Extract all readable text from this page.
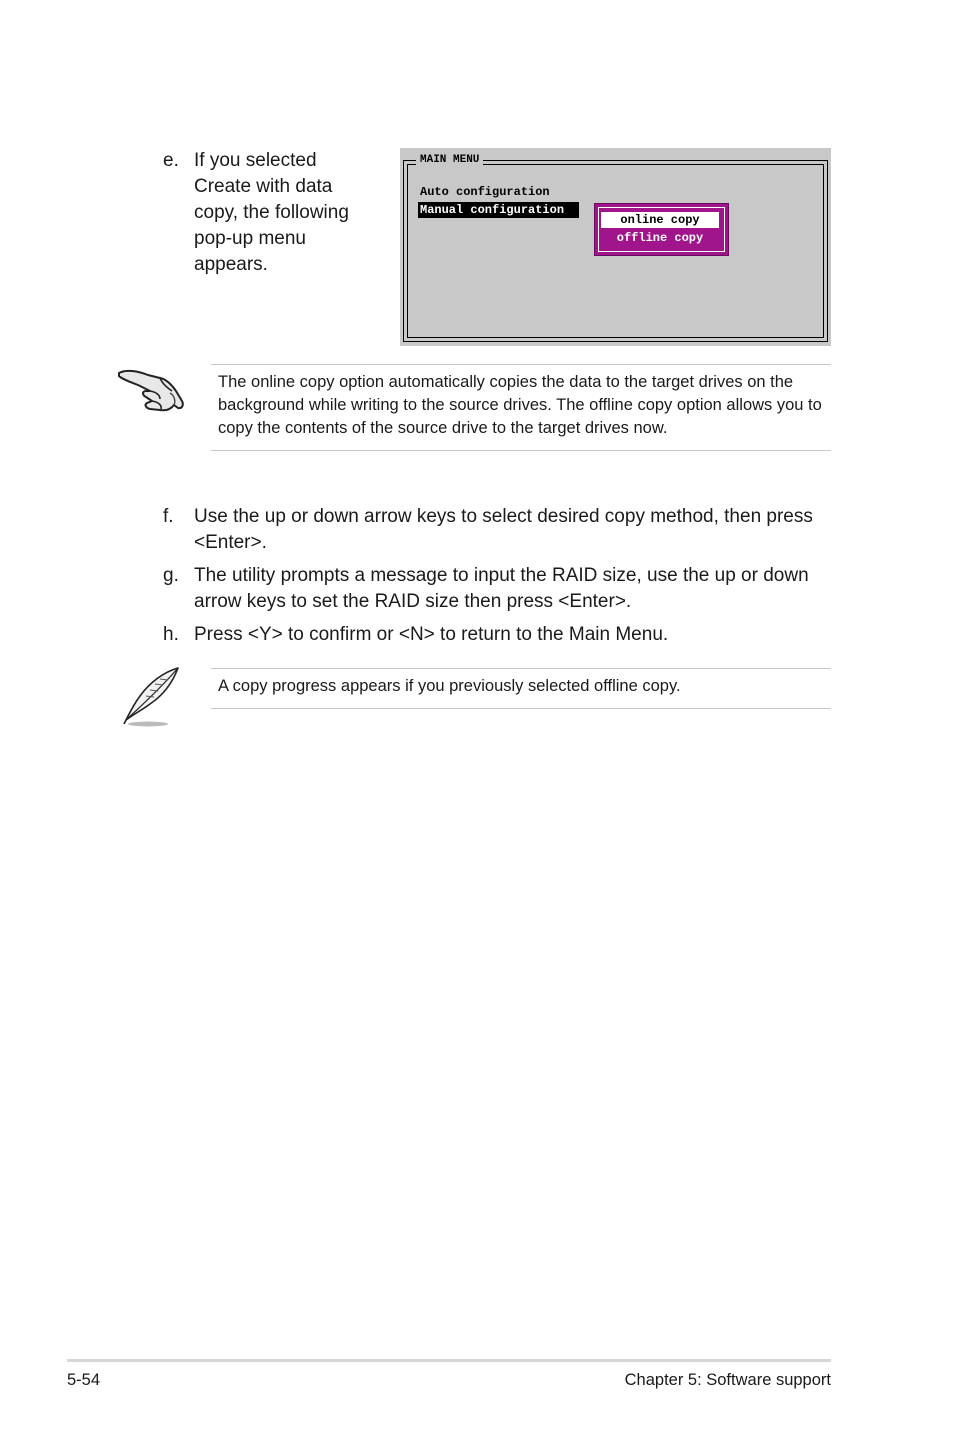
e. If you selected
Create with data
copy, the following
pop-up menu
appears.
MAIN MENU
Auto configuration
Manual configuration
online copy
offline copy
The online copy option automatically copies the data to the target drives on the background while writing to the source drives. The offline copy option allows you to copy the contents of the source drive to the target drives now.
f. Use the up or down arrow keys to select desired copy method, then press <Enter>.
g. The utility prompts a message to input the RAID size, use the up or down arrow keys to set the RAID size then press <Enter>.
h. Press <Y> to confirm or <N> to return to the Main Menu.
A copy progress appears if you previously selected offline copy.
5-54	Chapter 5: Software support
